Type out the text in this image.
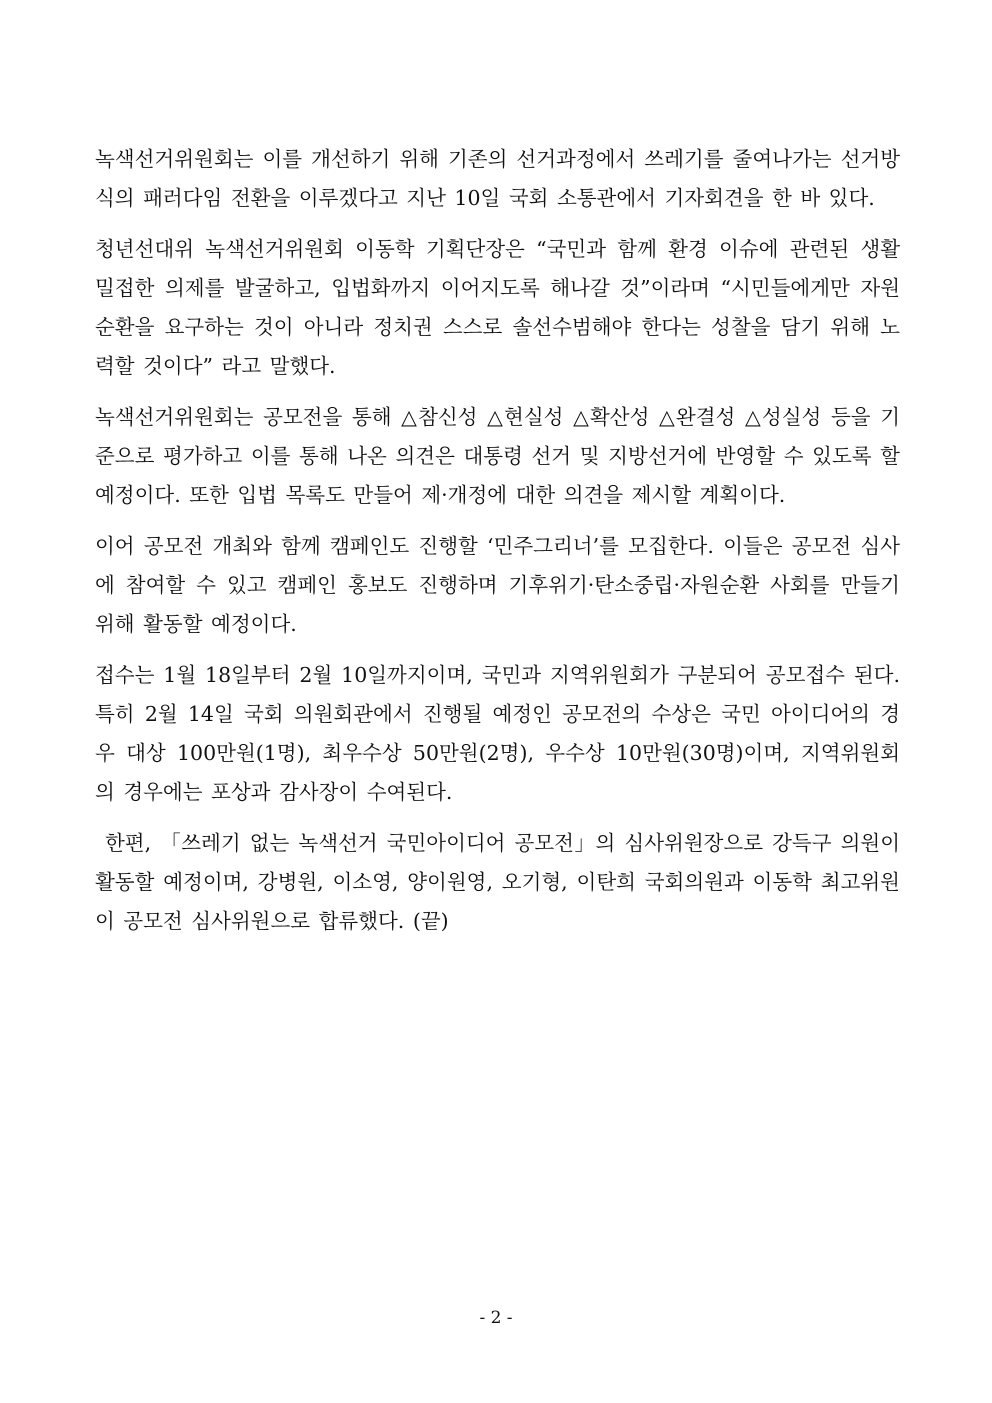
녹색선거위원회는 이를 개선하기 위해 기존의 선거과정에서 쓰레기를 줄여나가는 선거방식의 패러다임 전환을 이루겠다고 지난 10일 국회 소통관에서 기자회견을 한 바 있다.

청년선대위 녹색선거위원회 이동학 기획단장은 “국민과 함께 환경 이슈에 관련된 생활 밀접한 의제를 발굴하고, 입법화까지 이어지도록 해나갈 것”이라며 “시민들에게만 자원순환을 요구하는 것이 아니라 정치권 스스로 솔선수범해야 한다는 성찰을 담기 위해 노력할 것이다” 라고 말했다.

녹색선거위원회는 공모전을 통해 △참신성 △현실성 △확산성 △완결성 △성실성 등을 기준으로 평가하고 이를 통해 나온 의견은 대통령 선거 및 지방선거에 반영할 수 있도록 할 예정이다. 또한 입법 목록도 만들어 제·개정에 대한 의견을 제시할 계획이다.

이어 공모전 개최와 함께 캠페인도 진행할 ‘민주그리너’를 모집한다. 이들은 공모전 심사에 참여할 수 있고 캠페인 홍보도 진행하며 기후위기·탄소중립·자원순환 사회를 만들기 위해 활동할 예정이다.

접수는 1월 18일부터 2월 10일까지이며, 국민과 지역위원회가 구분되어 공모접수 된다. 특히 2월 14일 국회 의원회관에서 진행될 예정인 공모전의 수상은 국민 아이디어의 경우 대상 100만원(1명), 최우수상 50만원(2명), 우수상 10만원(30명)이며, 지역위원회의 경우에는 포상과 감사장이 수여된다.

한편, 「쓰레기 없는 녹색선거 국민아이디어 공모전」의 심사위원장으로 강득구 의원이 활동할 예정이며, 강병원, 이소영, 양이원영, 오기형, 이탄희 국회의원과 이동학 최고위원이 공모전 심사위원으로 합류했다. (끝)

- 2 -
